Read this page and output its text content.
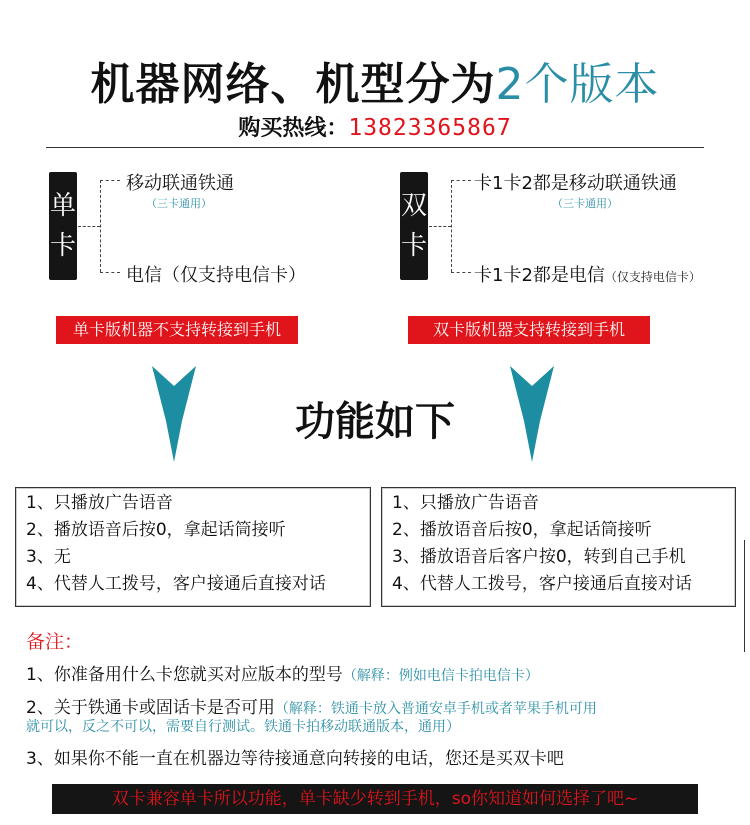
机器网络、机型分为2个版本
购买热线：13823365867
单
卡
移动联通铁通
（三卡通用）
电信（仅支持电信卡）
单卡版机器不支持转接到手机
双
卡
卡1卡2都是移动联通铁通
（三卡通用）
卡1卡2都是电信（仅支持电信卡）
双卡版机器支持转接到手机
功能如下
1、只播放广告语音
2、播放语音后按0，拿起话筒接听
3、无
4、代替人工拨号，客户接通后直接对话
1、只播放广告语音
2、播放语音后按0，拿起话筒接听
3、播放语音后客户按0，转到自己手机
4、代替人工拨号，客户接通后直接对话
备注：
1、你准备用什么卡您就买对应版本的型号（解释：例如电信卡拍电信卡）
2、关于铁通卡或固话卡是否可用（解释：铁通卡放入普通安卓手机或者苹果手机可用
就可以，反之不可以，需要自行测试。铁通卡拍移动联通版本，通用）
3、如果你不能一直在机器边等待接通意向转接的电话，您还是买双卡吧
双卡兼容单卡所以功能，单卡缺少转到手机，so你知道如何选择了吧~
